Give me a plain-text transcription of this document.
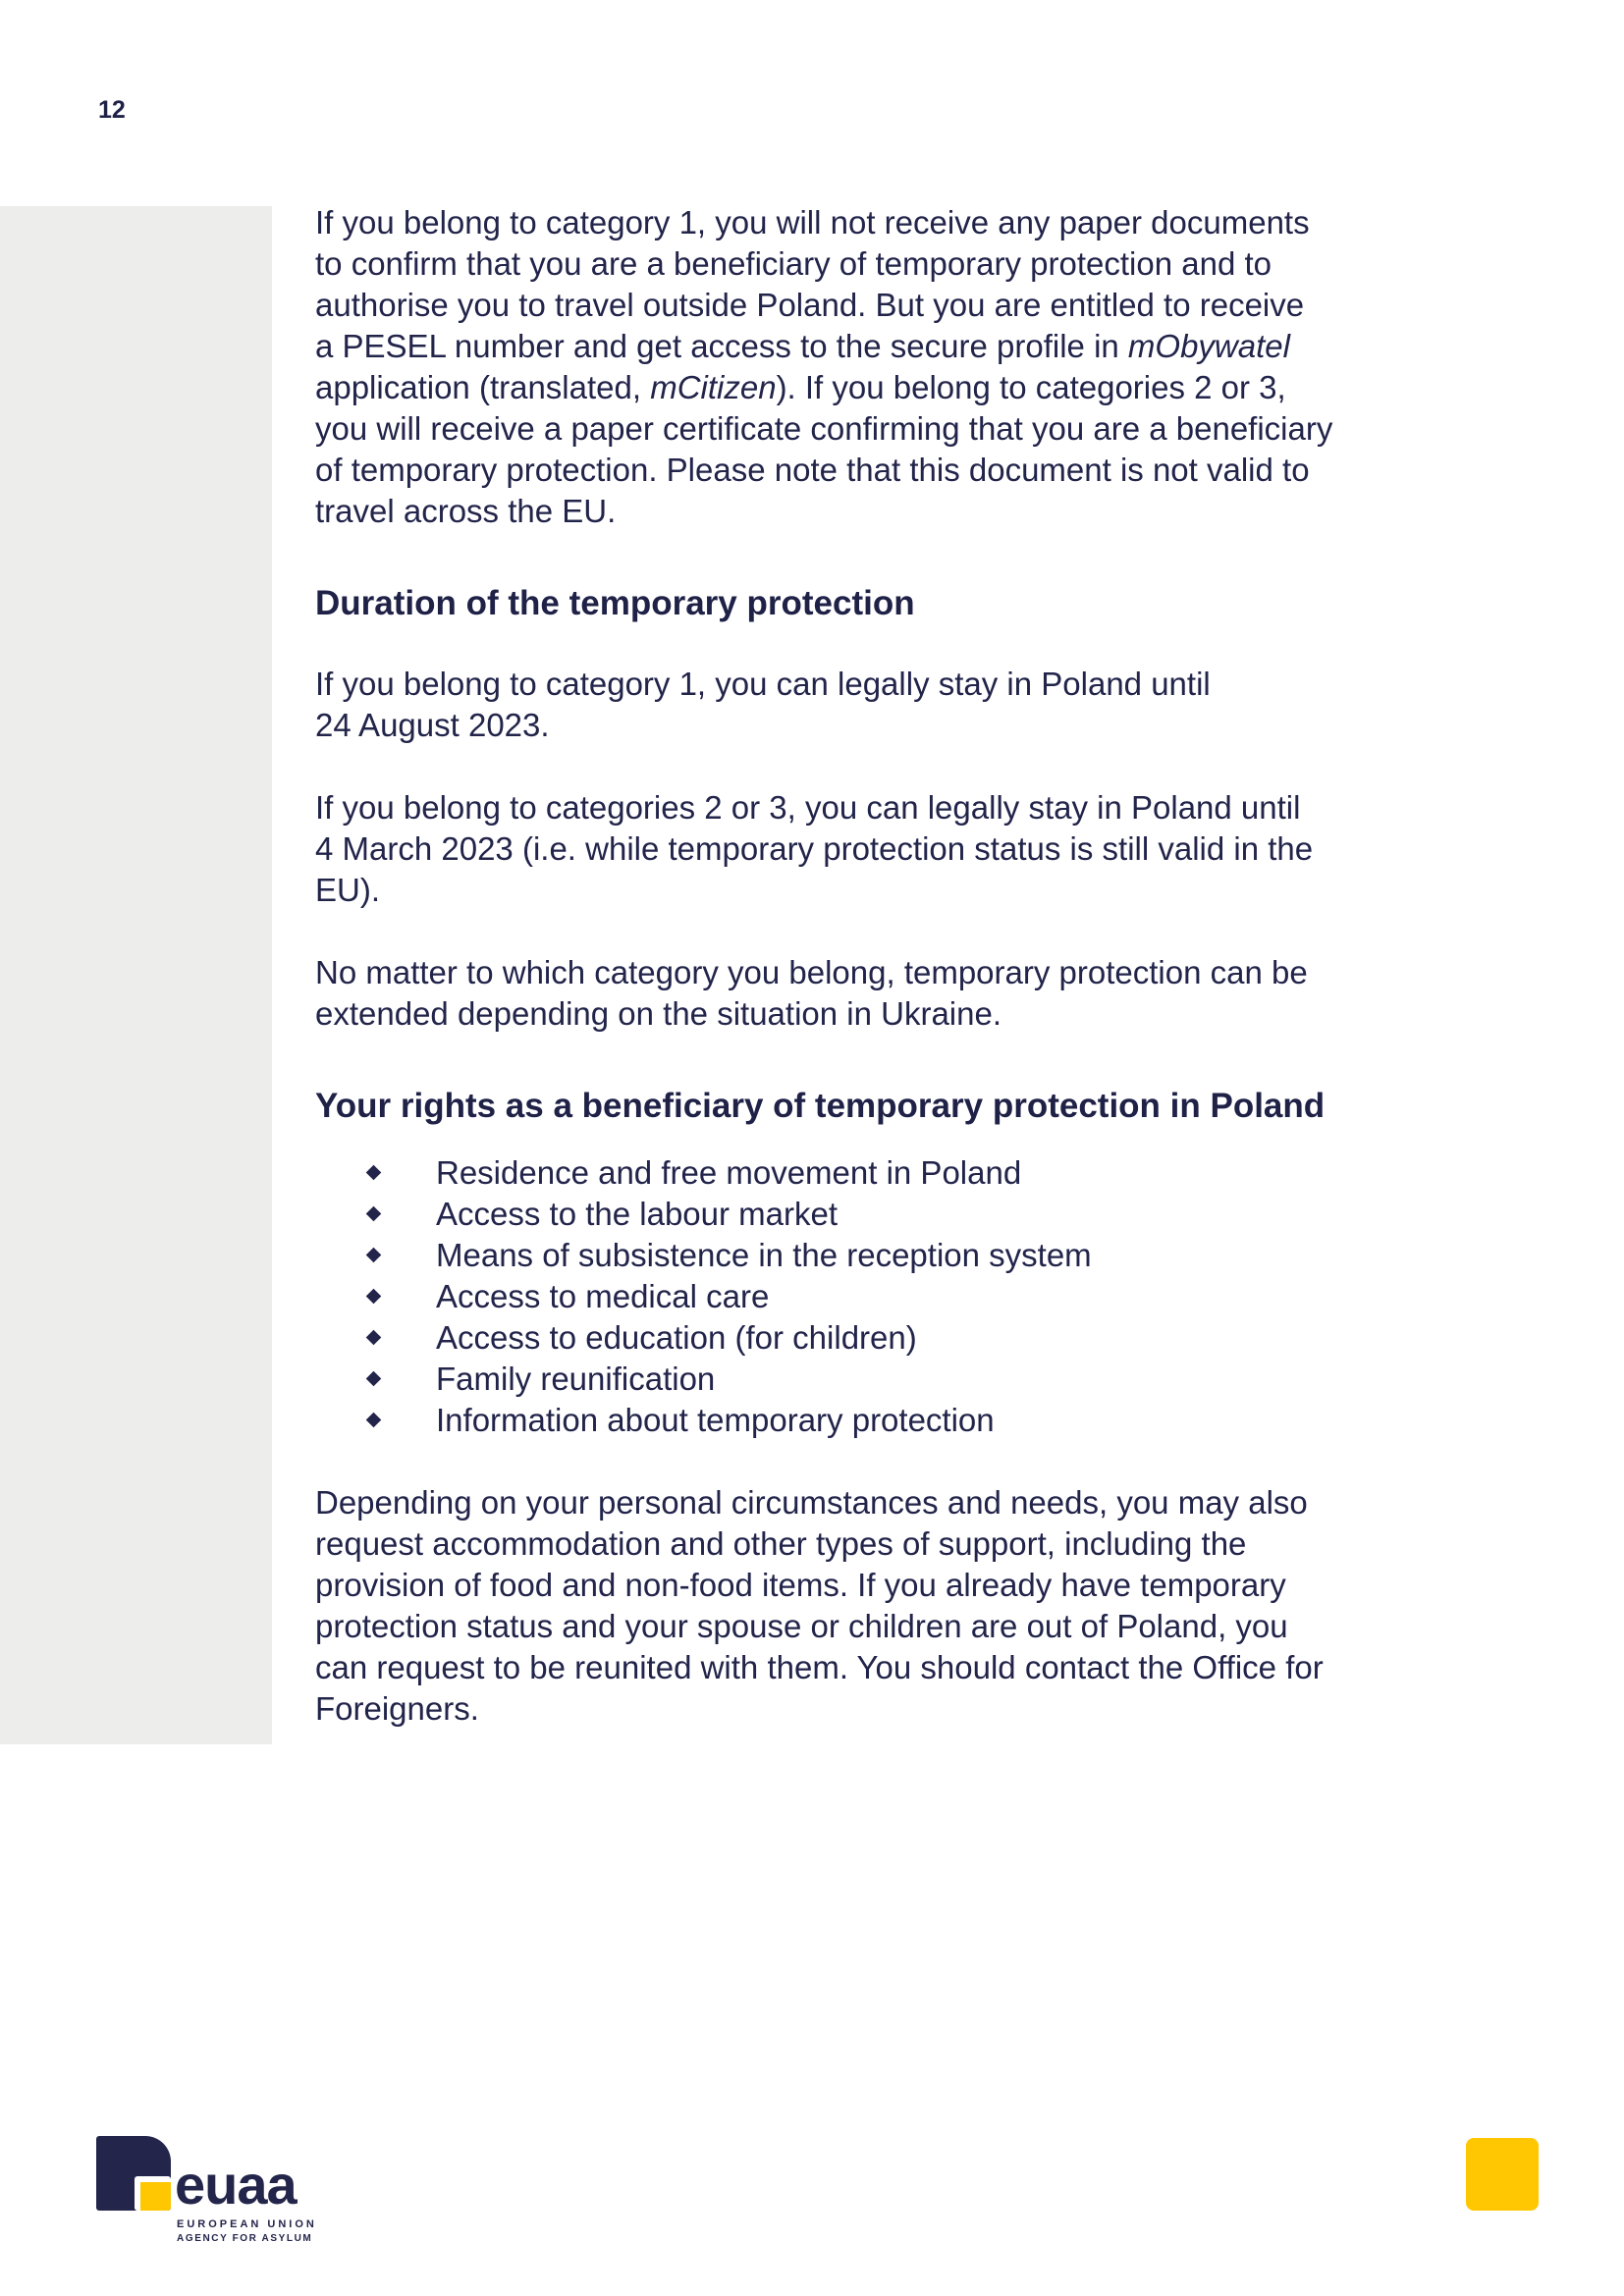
12

If you belong to category 1, you will not receive any paper documents
to confirm that you are a beneficiary of temporary protection and to
authorise you to travel outside Poland. But you are entitled to receive
a PESEL number and get access to the secure profile in mObywatel
application (translated, mCitizen). If you belong to categories 2 or 3,
you will receive a paper certificate confirming that you are a beneficiary
of temporary protection. Please note that this document is not valid to
travel across the EU.

Duration of the temporary protection

If you belong to category 1, you can legally stay in Poland until
24 August 2023.

If you belong to categories 2 or 3, you can legally stay in Poland until
4 March 2023 (i.e. while temporary protection status is still valid in the
EU).

No matter to which category you belong, temporary protection can be
extended depending on the situation in Ukraine.

Your rights as a beneficiary of temporary protection in Poland
Residence and free movement in Poland
Access to the labour market
Means of subsistence in the reception system
Access to medical care
Access to education (for children)
Family reunification
Information about temporary protection

Depending on your personal circumstances and needs, you may also
request accommodation and other types of support, including the
provision of food and non-food items. If you already have temporary
protection status and your spouse or children are out of Poland, you
can request to be reunited with them. You should contact the Office for
Foreigners.

euaa
EUROPEAN UNION
AGENCY FOR ASYLUM
